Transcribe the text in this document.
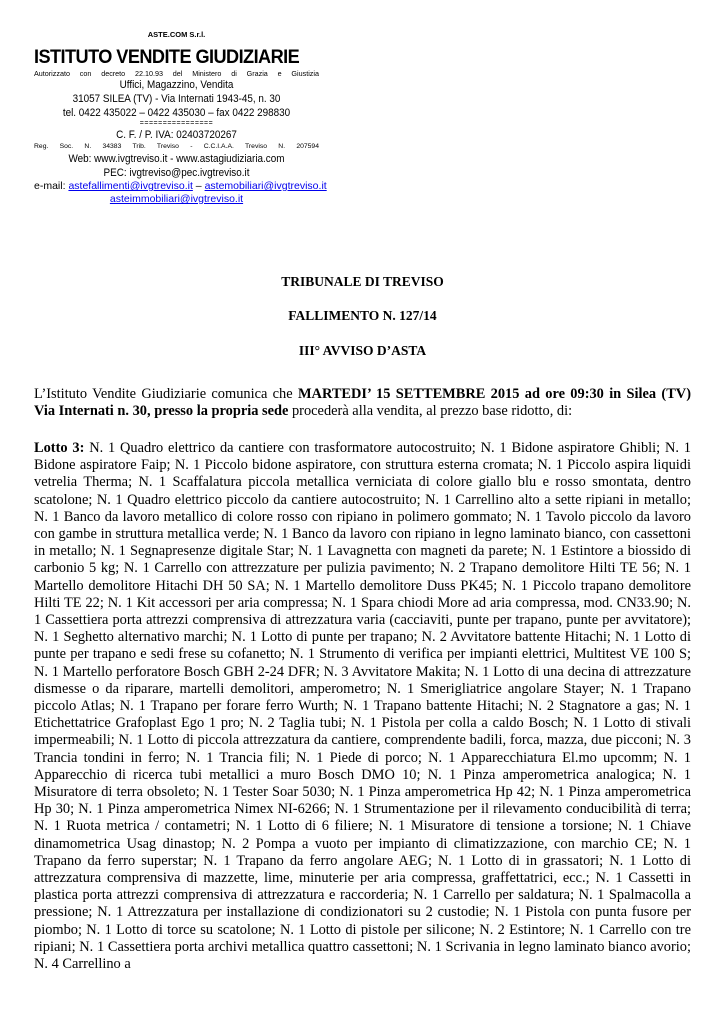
ASTE.COM S.r.l.
ISTITUTO VENDITE GIUDIZIARIE
Autorizzato con decreto 22.10.93 del Ministero di Grazia e Giustizia
Uffici, Magazzino, Vendita
31057 SILEA (TV) - Via Internati 1943-45, n. 30
tel. 0422 435022 – 0422 435030 – fax 0422 298830
================
C. F. / P. IVA: 02403720267
Reg. Soc. N. 34383 Trib. Treviso - C.C.I.A.A. Treviso N. 207594
Web: www.ivgtreviso.it - www.astagiudiziaria.com
PEC: ivgtreviso@pec.ivgtreviso.it
e-mail: astefallimenti@ivgtreviso.it – astemobiliari@ivgtreviso.it
asteimmobiliari@ivgtreviso.it
TRIBUNALE DI TREVISO
FALLIMENTO N. 127/14
III° AVVISO D’ASTA
L’Istituto Vendite Giudiziarie comunica che MARTEDI’ 15 SETTEMBRE 2015 ad ore 09:30 in Silea (TV) Via Internati n. 30, presso la propria sede procederà alla vendita, al prezzo base ridotto, di:
Lotto 3: N. 1 Quadro elettrico da cantiere con trasformatore autocostruito; N. 1 Bidone aspiratore Ghibli; N. 1 Bidone aspiratore Faip; N. 1 Piccolo bidone aspiratore, con struttura esterna cromata; N. 1 Piccolo aspira liquidi vetrelia Therma; N. 1 Scaffalatura piccola metallica verniciata di colore giallo blu e rosso smontata, dentro scatolone; N. 1 Quadro elettrico piccolo da cantiere autocostruito; N. 1 Carrellino alto a sette ripiani in metallo; N. 1 Banco da lavoro metallico di colore rosso con ripiano in polimero gommato; N. 1 Tavolo piccolo da lavoro con gambe in struttura metallica verde; N. 1 Banco da lavoro con ripiano in legno laminato bianco, con cassettoni in metallo; N. 1 Segnapresenze digitale Star; N. 1 Lavagnetta con magneti da parete; N. 1 Estintore a biossido di carbonio 5 kg; N. 1 Carrello con attrezzature per pulizia pavimento; N. 2 Trapano demolitore Hilti TE 56; N. 1 Martello demolitore Hitachi DH 50 SA; N. 1 Martello demolitore Duss PK45; N. 1 Piccolo trapano demolitore Hilti TE 22; N. 1 Kit accessori per aria compressa; N. 1 Spara chiodi More ad aria compressa, mod. CN33.90; N. 1 Cassettiera porta attrezzi comprensiva di attrezzatura varia (cacciaviti, punte per trapano, punte per avvitatore); N. 1 Seghetto alternativo marchi; N. 1 Lotto di punte per trapano; N. 2 Avvitatore battente Hitachi; N. 1 Lotto di punte per trapano e sedi frese su cofanetto; N. 1 Strumento di verifica per impianti elettrici, Multitest VE 100 S; N. 1 Martello perforatore Bosch GBH 2-24 DFR; N. 3 Avvitatore Makita; N. 1 Lotto di una decina di attrezzature dismesse o da riparare, martelli demolitori, amperometro; N. 1 Smerigliatrice angolare Stayer; N. 1 Trapano piccolo Atlas; N. 1 Trapano per forare ferro Wurth; N. 1 Trapano battente Hitachi; N. 2 Stagnatore a gas; N. 1 Etichettatrice Grafoplast Ego 1 pro; N. 2 Taglia tubi; N. 1 Pistola per colla a caldo Bosch; N. 1 Lotto di stivali impermeabili; N. 1 Lotto di piccola attrezzatura da cantiere, comprendente badili, forca, mazza, due picconi; N. 3 Trancia tondini in ferro; N. 1 Trancia fili; N. 1 Piede di porco; N. 1 Apparecchiatura El.mo upcomm; N. 1 Apparecchio di ricerca tubi metallici a muro Bosch DMO 10; N. 1 Pinza amperometrica analogica; N. 1 Misuratore di terra obsoleto; N. 1 Tester Soar 5030; N. 1 Pinza amperometrica Hp 42; N. 1 Pinza amperometrica Hp 30; N. 1 Pinza amperometrica Nimex NI-6266; N. 1 Strumentazione per il rilevamento conducibilità di terra; N. 1 Ruota metrica / contametri; N. 1 Lotto di 6 filiere; N. 1 Misuratore di tensione a torsione; N. 1 Chiave dinamometrica Usag dinastop; N. 2 Pompa a vuoto per impianto di climatizzazione, con marchio CE; N. 1 Trapano da ferro superstar; N. 1 Trapano da ferro angolare AEG; N. 1 Lotto di in grassatori; N. 1 Lotto di attrezzatura comprensiva di mazzette, lime, minuterie per aria compressa, graffettatrici, ecc.; N. 1 Cassetti in plastica porta attrezzi comprensiva di attrezzatura e raccorderia; N. 1 Carrello per saldatura; N. 1 Spalmacolla a pressione; N. 1 Attrezzatura per installazione di condizionatori su 2 custodie; N. 1 Pistola con punta fusore per piombo; N. 1 Lotto di torce su scatolone; N. 1 Lotto di pistole per silicone; N. 2 Estintore; N. 1 Carrello con tre ripiani; N. 1 Cassettiera porta archivi metallica quattro cassettoni; N. 1 Scrivania in legno laminato bianco avorio; N. 4 Carrellino a
